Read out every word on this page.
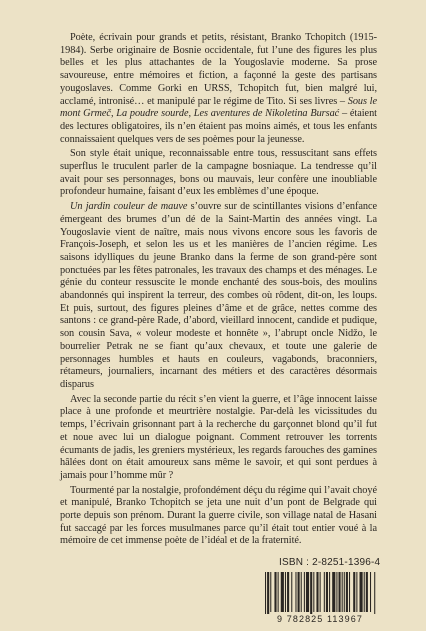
Poète, écrivain pour grands et petits, résistant, Branko Tchopitch (1915-1984). Serbe originaire de Bosnie occidentale, fut l’une des figures les plus belles et les plus attachantes de la Yougoslavie moderne. Sa prose savoureuse, entre mémoires et fiction, a façonné la geste des partisans yougoslaves. Comme Gorki en URSS, Tchopitch fut, bien malgré lui, acclamé, intronisé… et manipulé par le régime de Tito. Si ses livres – Sous le mont Grmeč, La poudre sourde, Les aventures de Nikoletina Bursać – étaient des lectures obligatoires, ils n’en étaient pas moins aimés, et tous les enfants connaissaient quelques vers de ses poèmes pour la jeunesse.

Son style était unique, reconnaissable entre tous, ressuscitant sans effets superflus le truculent parler de la campagne bosniaque. La tendresse qu’il avait pour ses personnages, bons ou mauvais, leur confère une inoubliable profondeur humaine, faisant d’eux les emblèmes d’une époque.

Un jardin couleur de mauve s’ouvre sur de scintillantes visions d’enfance émergeant des brumes d’un dé de la Saint-Martin des années vingt. La Yougoslavie vient de naître, mais nous vivons encore sous les favoris de François-Joseph, et selon les us et les manières de l’ancien régime. Les saisons idylliques du jeune Branko dans la ferme de son grand-père sont ponctuées par les fêtes patronales, les travaux des champs et des ménages. Le génie du conteur ressuscite le monde enchanté des sous-bois, des moulins abandonnés qui inspirent la terreur, des combes où rôdent, dit-on, les loups. Et puis, surtout, des figures pleines d’âme et de grâce, nettes comme des santons : ce grand-père Rade, d’abord, vieillard innocent, candide et pudique, son cousin Sava, « voleur modeste et honnête », l’abrupt oncle Nidžo, le bourrelier Petrak ne se fiant qu’aux chevaux, et toute une galerie de personnages humbles et hauts en couleurs, vagabonds, braconniers, rétameurs, journaliers, incarnant des métiers et des caractères désormais disparus

Avec la seconde partie du récit s’en vient la guerre, et l’âge innocent laisse place à une profonde et meurtrière nostalgie. Par-delà les vicissitudes du temps, l’écrivain grisonnant part à la recherche du garçonnet blond qu’il fut et noue avec lui un dialogue poignant. Comment retrouver les torrents écumants de jadis, les greniers mystérieux, les regards farouches des gamines hâlées dont on était amoureux sans même le savoir, et qui sont perdues à jamais pour l’homme mûr ?

Tourmenté par la nostalgie, profondément déçu du régime qui l’avait choyé et manipulé, Branko Tchopitch se jeta une nuit d’un pont de Belgrade qui porte depuis son prénom. Durant la guerre civile, son village natal de Hasani fut saccagé par les forces musulmanes parce qu’il était tout entier voué à la mémoire de cet immense poète de l’idéal et de la fraternité.

ISBN : 2-8251-1396-4
9 782825 113967
